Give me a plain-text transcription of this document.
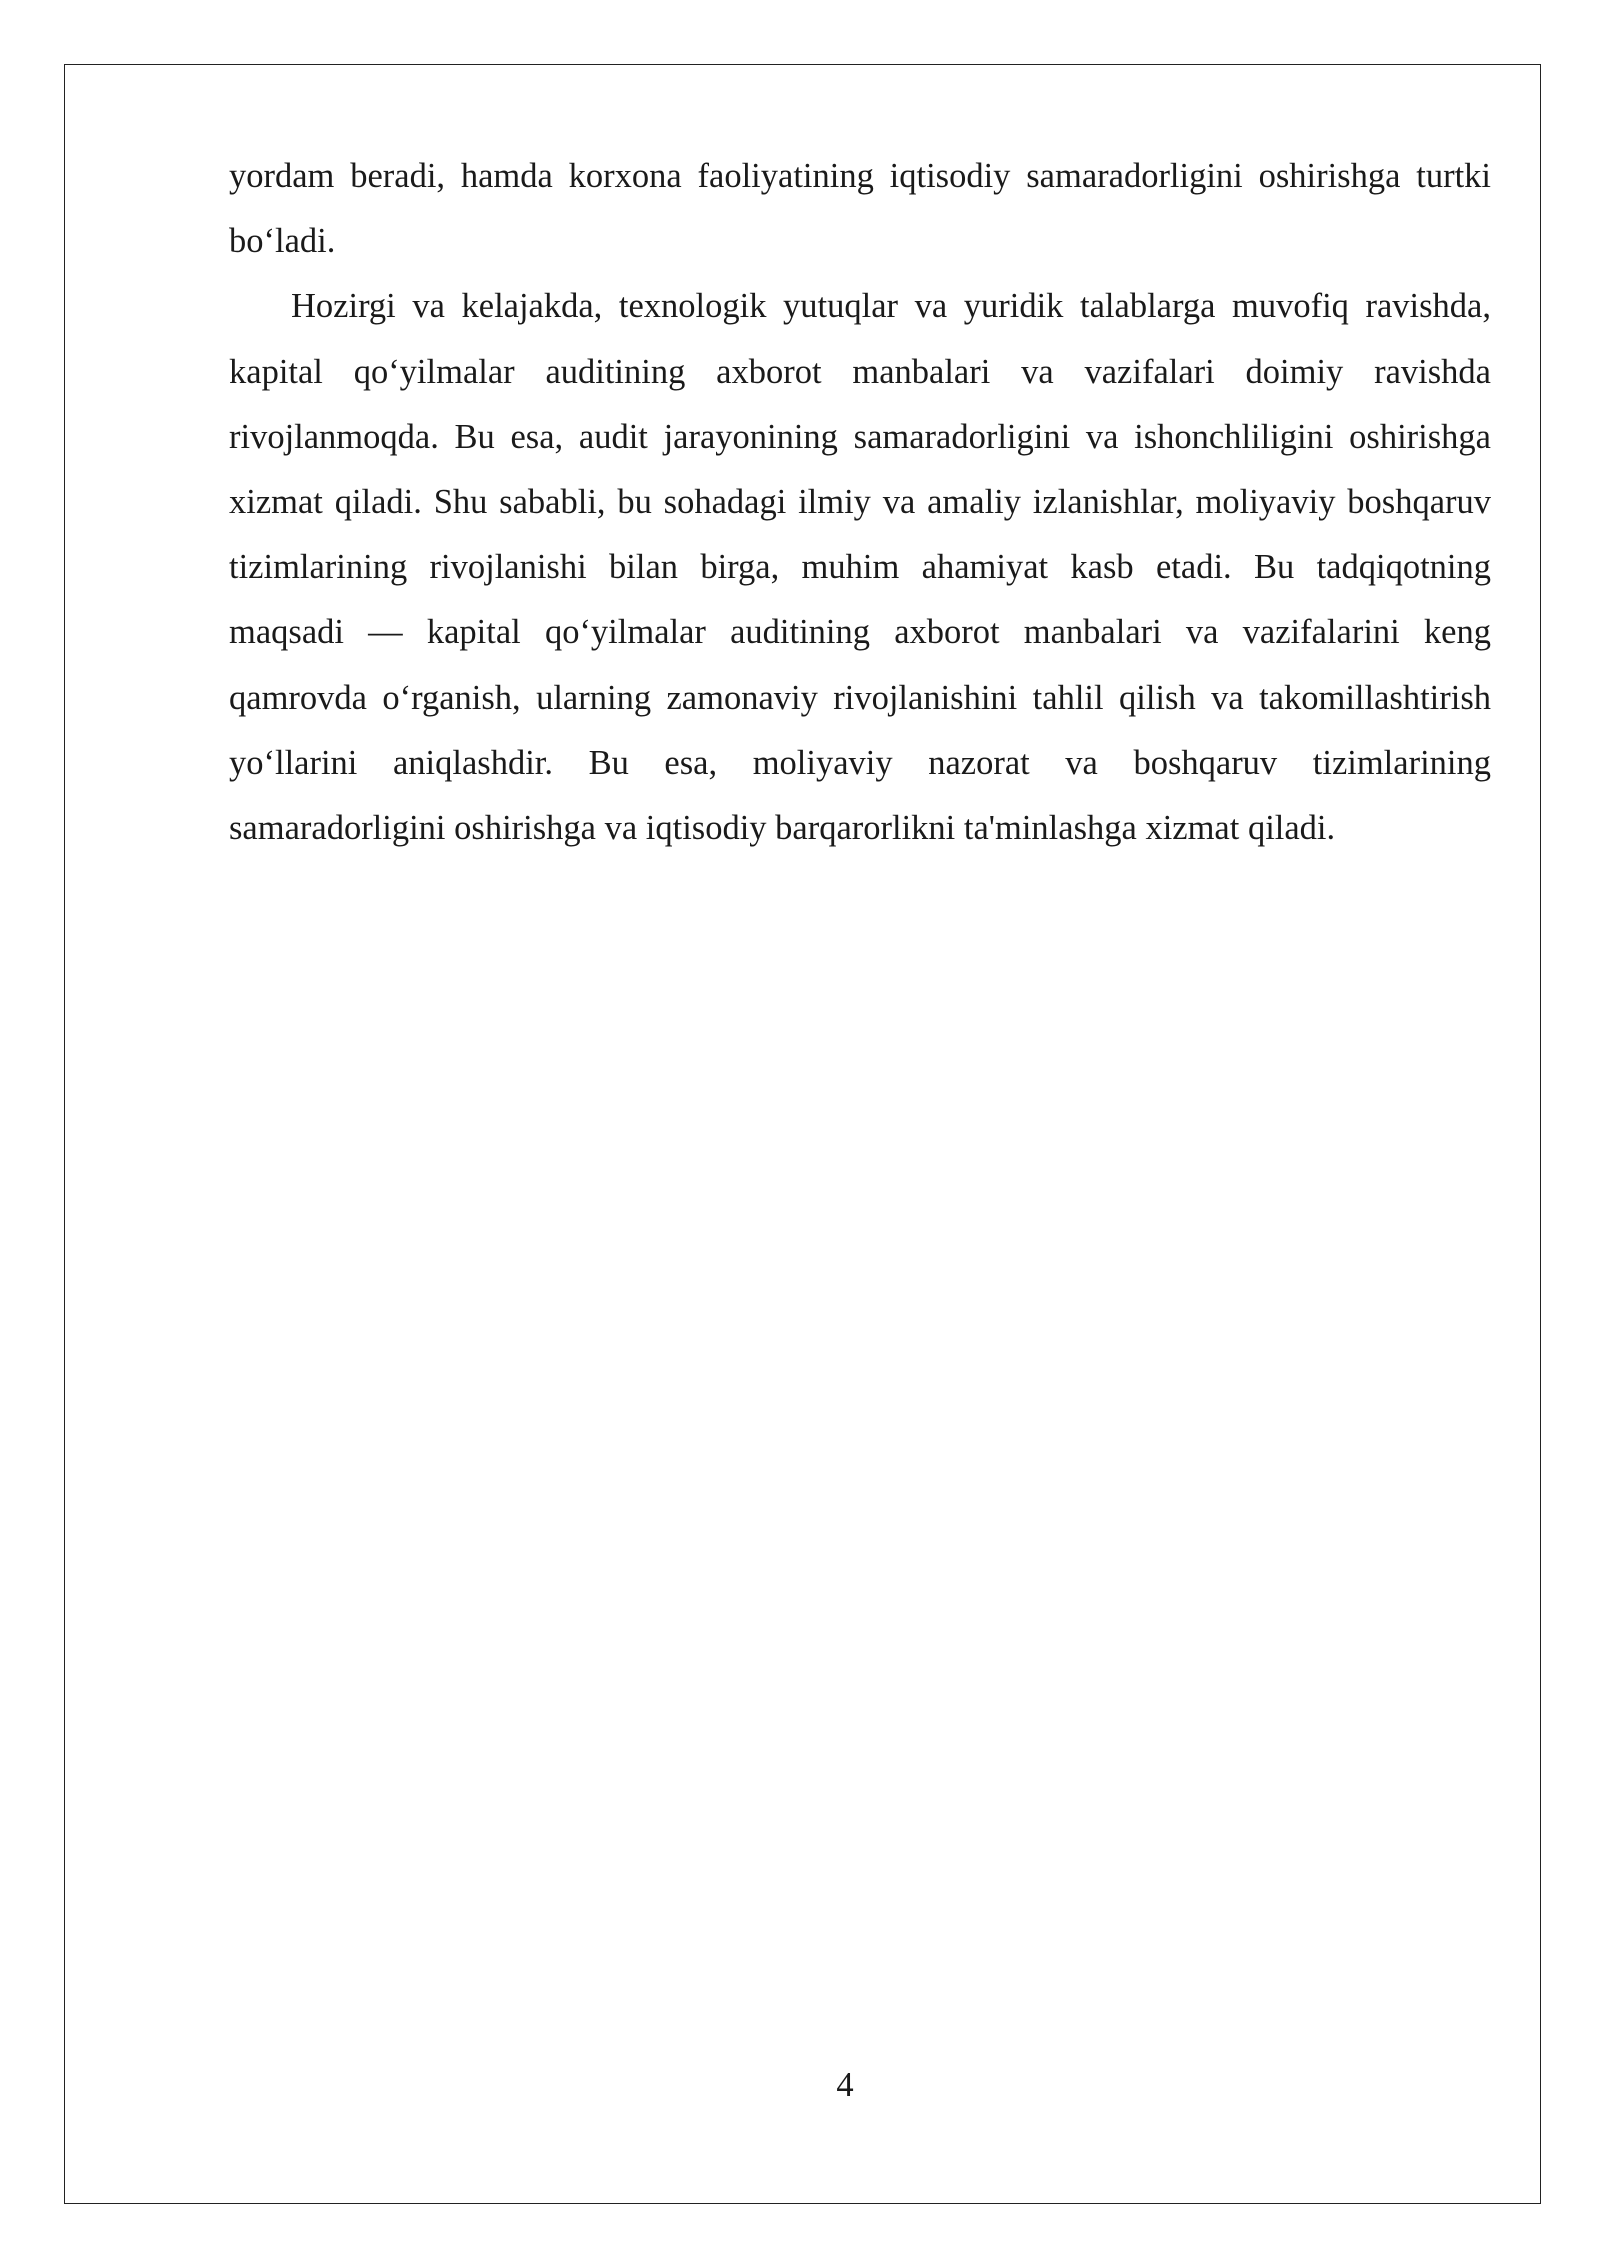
yordam beradi, hamda korxona faoliyatining iqtisodiy samaradorligini oshirishga turtki bo‘ladi.

Hozirgi va kelajakda, texnologik yutuqlar va yuridik talablarga muvofiq ravishda, kapital qo‘yilmalar auditining axborot manbalari va vazifalari doimiy ravishda rivojlanmoqda. Bu esa, audit jarayonining samaradorligini va ishonchliligini oshirishga xizmat qiladi. Shu sababli, bu sohadagi ilmiy va amaliy izlanishlar, moliyaviy boshqaruv tizimlarining rivojlanishi bilan birga, muhim ahamiyat kasb etadi. Bu tadqiqotning maqsadi — kapital qo‘yilmalar auditining axborot manbalari va vazifalarini keng qamrovda o‘rganish, ularning zamonaviy rivojlanishini tahlil qilish va takomillashtirish yo‘llarini aniqlashdir. Bu esa, moliyaviy nazorat va boshqaruv tizimlarining samaradorligini oshirishga va iqtisodiy barqarorlikni ta'minlashga xizmat qiladi.

4
